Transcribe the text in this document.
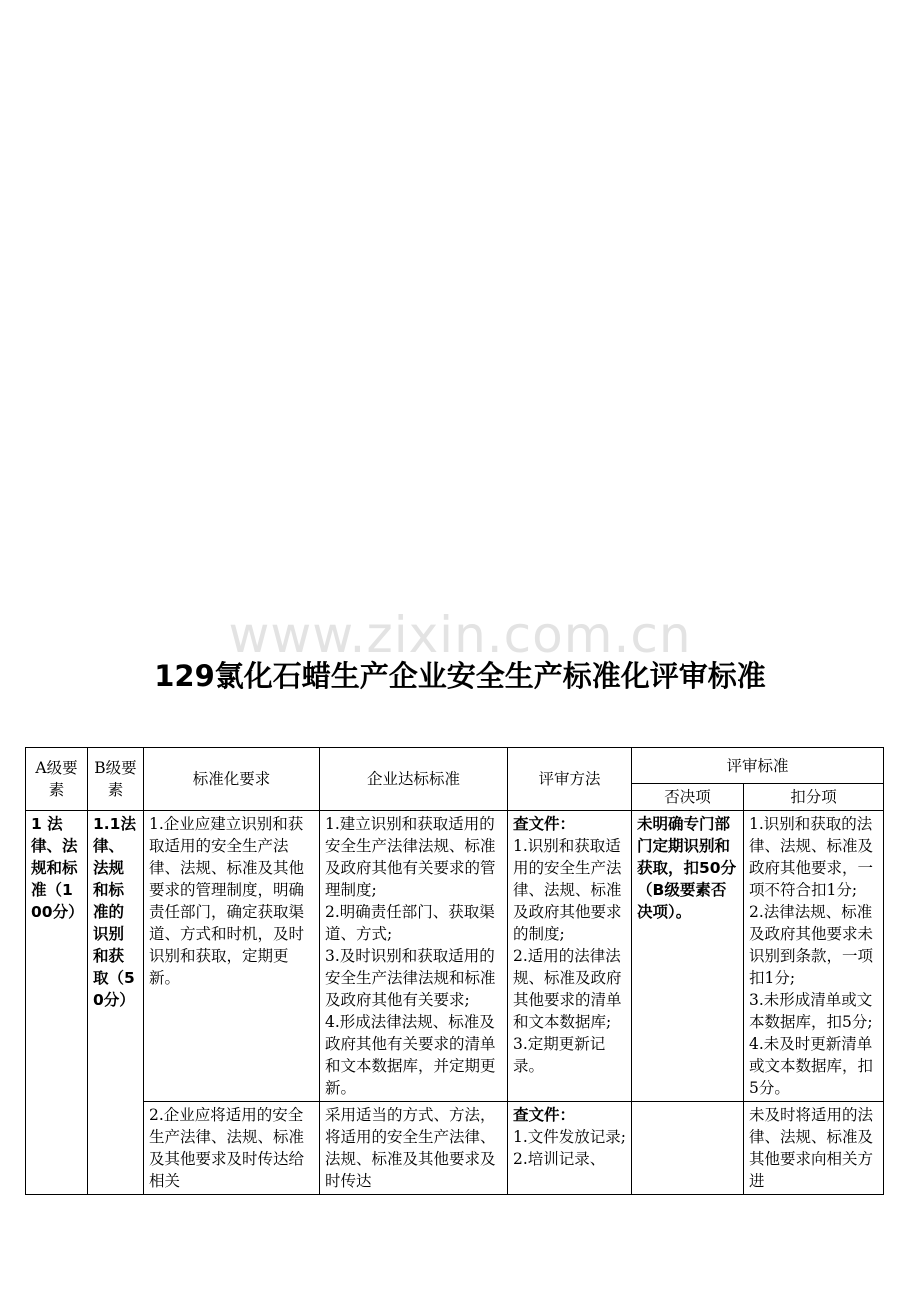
www.zixin.com.cn
129氯化石蜡生产企业安全生产标准化评审标准
A级要素	B级要素	标准化要求	企业达标标准	评审方法	评审标准	
					否决项	扣分项
1 法律、法规和标准（100分）	1.1法律、法规和标准的识别和获取（50分）	1.企业应建立识别和获取适用的安全生产法律、法规、标准及其他要求的管理制度，明确责任部门，确定获取渠道、方式和时机，及时识别和获取，定期更新。	1.建立识别和获取适用的安全生产法律法规、标准及政府其他有关要求的管理制度;
2.明确责任部门、获取渠道、方式;
3.及时识别和获取适用的安全生产法律法规和标准及政府其他有关要求;
4.形成法律法规、标准及政府其他有关要求的清单和文本数据库，并定期更新。	查文件：
1.识别和获取适用的安全生产法律、法规、标准及政府其他要求的制度;
2.适用的法律法规、标准及政府其他要求的清单和文本数据库;
3.定期更新记录。	未明确专门部门定期识别和获取，扣50分（B级要素否决项）。	1.识别和获取的法律、法规、标准及政府其他要求，一项不符合扣1分;
2.法律法规、标准及政府其他要求未识别到条款，一项扣1分;
3.未形成清单或文本数据库，扣5分;
4.未及时更新清单或文本数据库，扣5分。

		2.企业应将适用的安全生产法律、法规、标准及其他要求及时传达给相关	采用适当的方式、方法，将适用的安全生产法律、法规、标准及其他要求及时传达	查文件：
1.文件发放记录;
2.培训记录、		未及时将适用的法律、法规、标准及其他要求向相关方进
